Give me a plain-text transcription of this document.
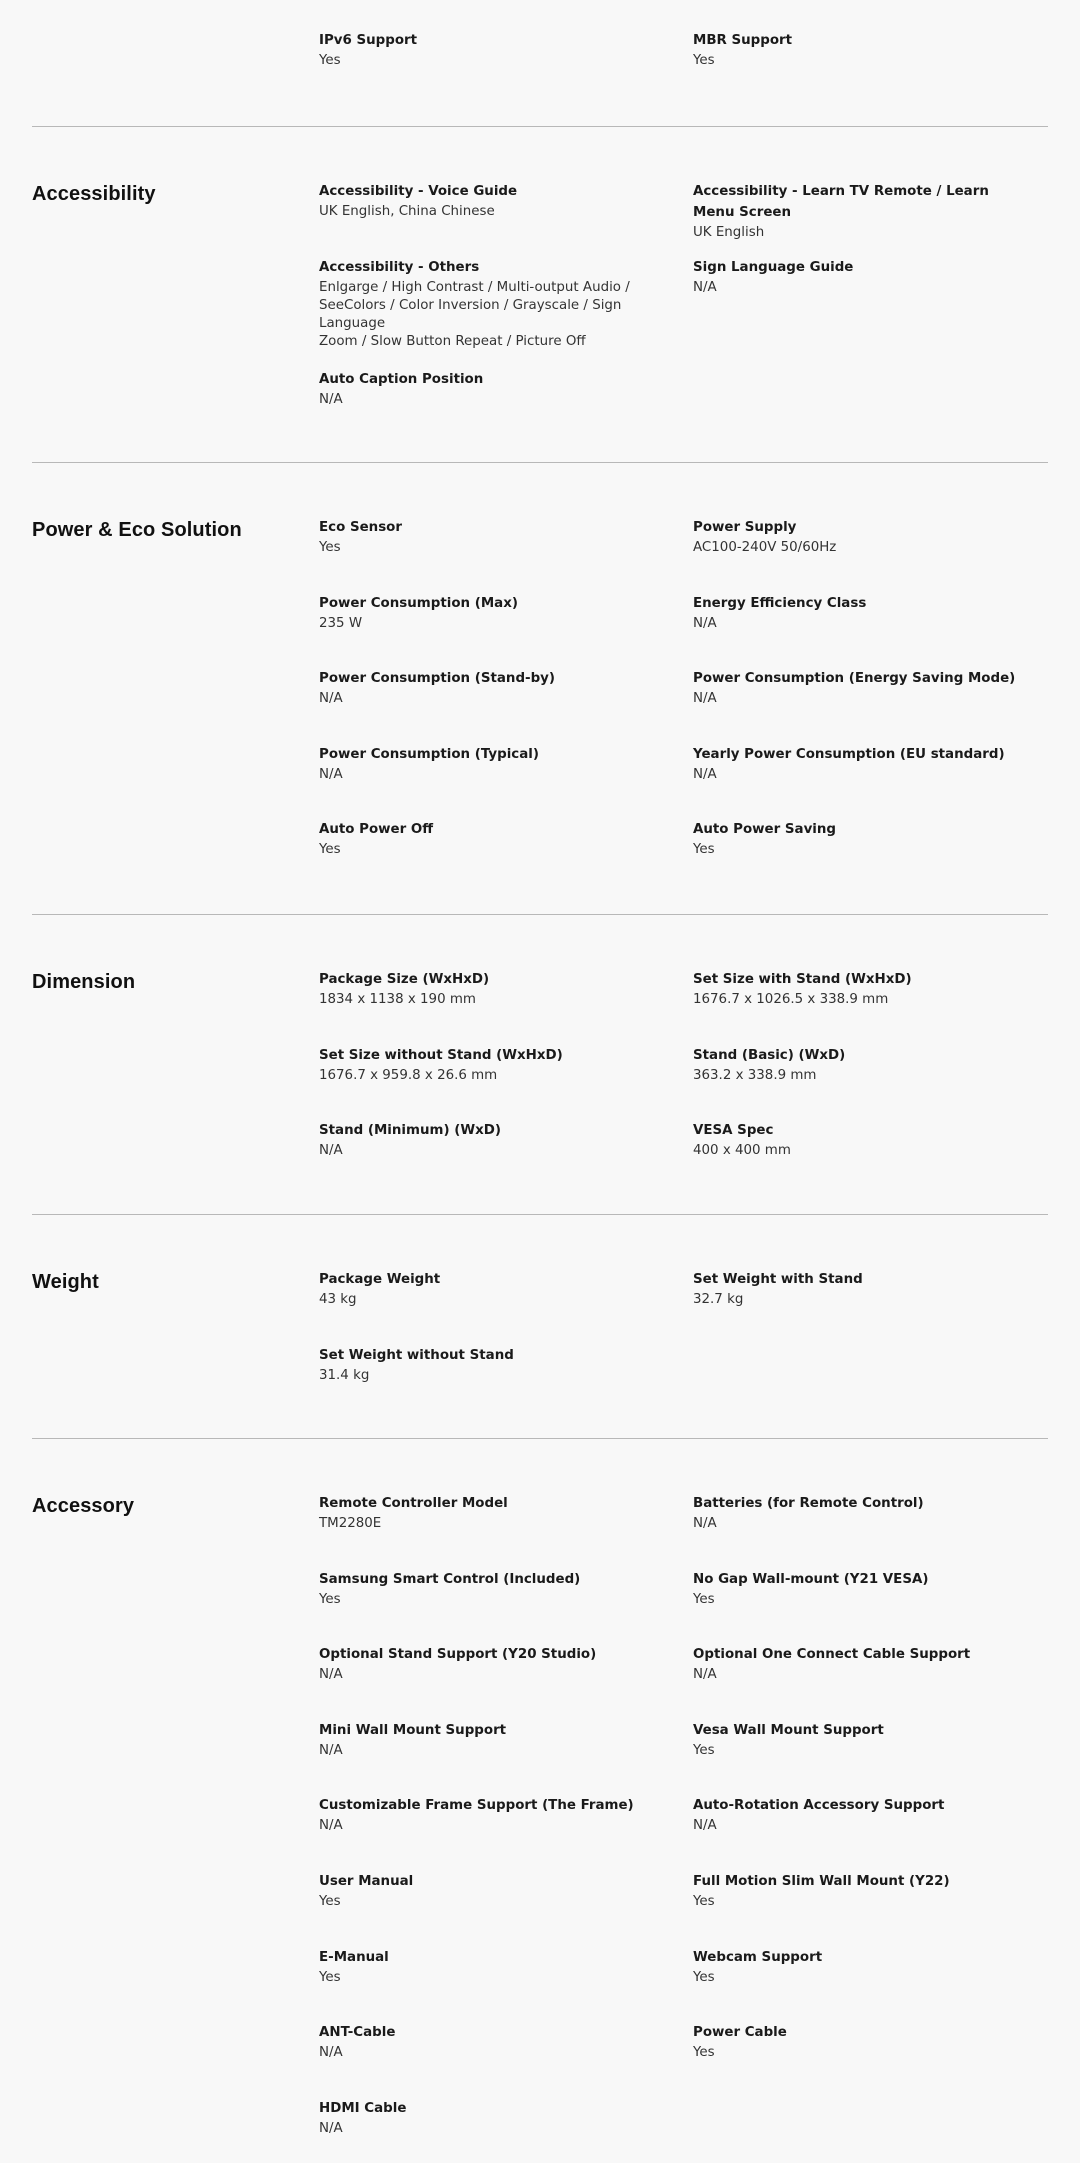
IPv6 Support
Yes
MBR Support
Yes
Accessibility	Accessibility - Voice Guide
UK English, China Chinese
Accessibility - Learn TV Remote / Learn Menu Screen
UK English
Accessibility - Others
Enlgarge / High Contrast / Multi-output Audio /
SeeColors / Color Inversion / Grayscale / Sign Language
Zoom / Slow Button Repeat / Picture Off
Sign Language Guide
N/A
Auto Caption Position
N/A
Power & Eco Solution	Eco Sensor
Yes
Power Supply
AC100-240V 50/60Hz
Power Consumption (Max)
235 W
Energy Efficiency Class
N/A
Power Consumption (Stand-by)
N/A
Power Consumption (Energy Saving Mode)
N/A
Power Consumption (Typical)
N/A
Yearly Power Consumption (EU standard)
N/A
Auto Power Off
Yes
Auto Power Saving
Yes
Dimension	Package Size (WxHxD)
1834 x 1138 x 190 mm
Set Size with Stand (WxHxD)
1676.7 x 1026.5 x 338.9 mm
Set Size without Stand (WxHxD)
1676.7 x 959.8 x 26.6 mm
Stand (Basic) (WxD)
363.2 x 338.9 mm
Stand (Minimum) (WxD)
N/A
VESA Spec
400 x 400 mm
Weight	Package Weight
43 kg
Set Weight with Stand
32.7 kg
Set Weight without Stand
31.4 kg
Accessory	Remote Controller Model
TM2280E
Batteries (for Remote Control)
N/A
Samsung Smart Control (Included)
Yes
No Gap Wall-mount (Y21 VESA)
Yes
Optional Stand Support (Y20 Studio)
N/A
Optional One Connect Cable Support
N/A
Mini Wall Mount Support
N/A
Vesa Wall Mount Support
Yes
Customizable Frame Support (The Frame)
N/A
Auto-Rotation Accessory Support
N/A
User Manual
Yes
Full Motion Slim Wall Mount (Y22)
Yes
E-Manual
Yes
Webcam Support
Yes
ANT-Cable
N/A
Power Cable
Yes
HDMI Cable
N/A
